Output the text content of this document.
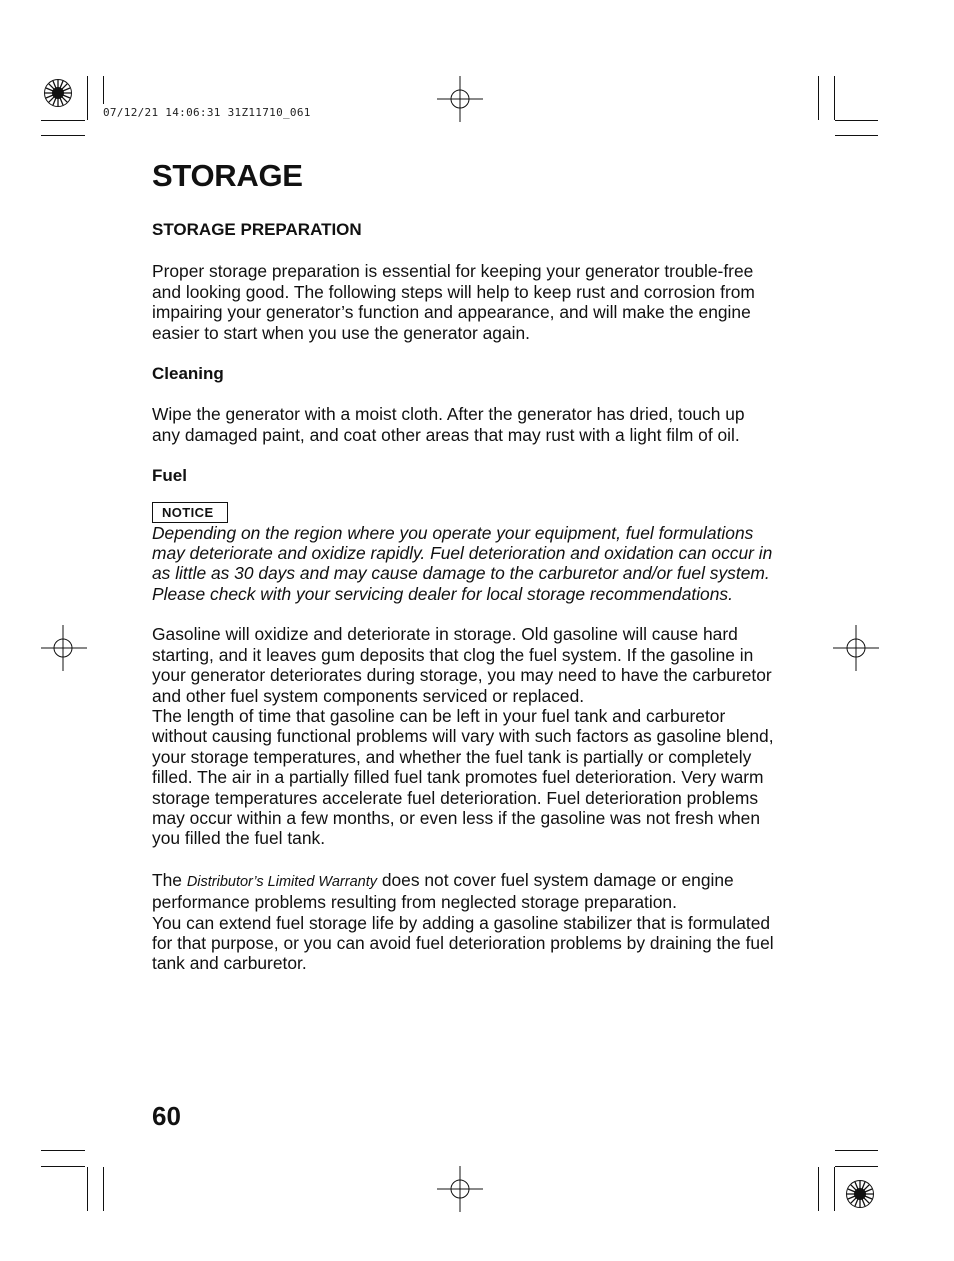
07/12/21 14:06:31 31Z11710_061
STORAGE

STORAGE PREPARATION

Proper storage preparation is essential for keeping your generator trouble-free and looking good. The following steps will help to keep rust and corrosion from impairing your generator’s function and appearance, and will make the engine easier to start when you use the generator again.

Cleaning

Wipe the generator with a moist cloth. After the generator has dried, touch up any damaged paint, and coat other areas that may rust with a light film of oil.

Fuel

NOTICE

Depending on the region where you operate your equipment, fuel formulations may deteriorate and oxidize rapidly. Fuel deterioration and oxidation can occur in as little as 30 days and may cause damage to the carburetor and/or fuel system. Please check with your servicing dealer for local storage recommendations.

Gasoline will oxidize and deteriorate in storage. Old gasoline will cause hard starting, and it leaves gum deposits that clog the fuel system. If the gasoline in your generator deteriorates during storage, you may need to have the carburetor and other fuel system components serviced or replaced.

The length of time that gasoline can be left in your fuel tank and carburetor without causing functional problems will vary with such factors as gasoline blend, your storage temperatures, and whether the fuel tank is partially or completely filled. The air in a partially filled fuel tank promotes fuel deterioration. Very warm storage temperatures accelerate fuel deterioration. Fuel deterioration problems may occur within a few months, or even less if the gasoline was not fresh when you filled the fuel tank.

The Distributor’s Limited Warranty does not cover fuel system damage or engine performance problems resulting from neglected storage preparation.

You can extend fuel storage life by adding a gasoline stabilizer that is formulated for that purpose, or you can avoid fuel deterioration problems by draining the fuel tank and carburetor.

60
